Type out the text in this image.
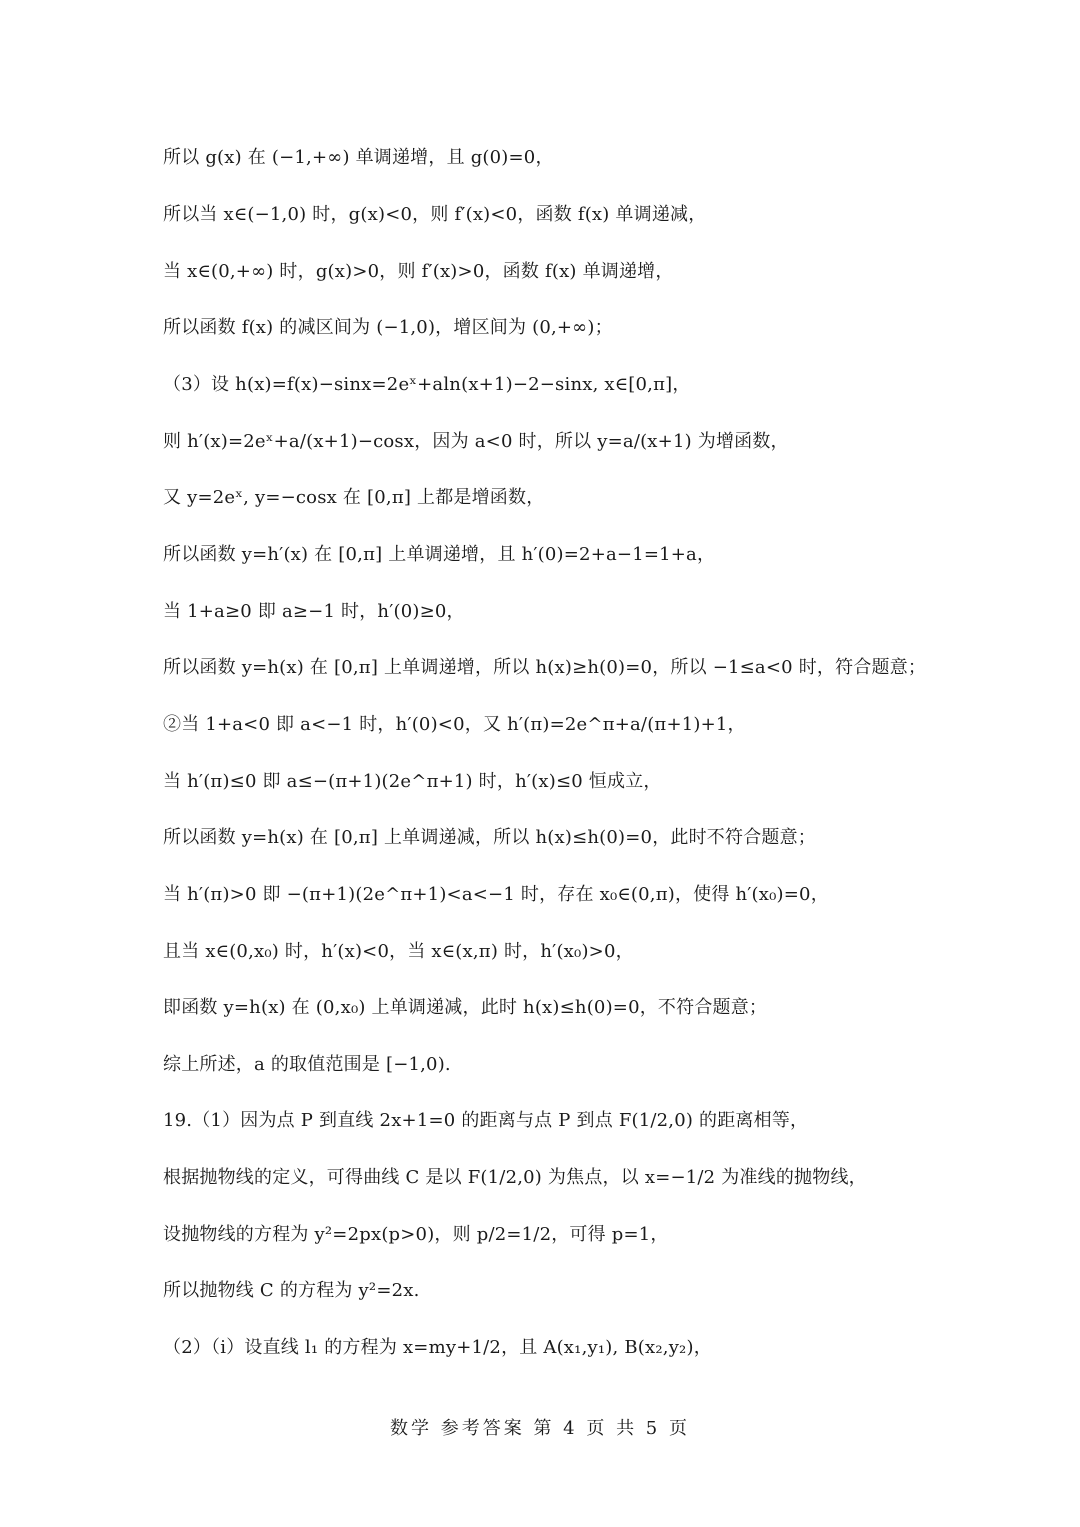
所以 g(x) 在 (−1,+∞) 单调递增，且 g(0)=0，
所以当 x∈(−1,0) 时，g(x)<0，则 f′(x)<0，函数 f(x) 单调递减，
当 x∈(0,+∞) 时，g(x)>0，则 f′(x)>0，函数 f(x) 单调递增，
所以函数 f(x) 的减区间为 (−1,0)，增区间为 (0,+∞)；
（3）设 h(x)=f(x)−sinx=2eˣ+aln(x+1)−2−sinx, x∈[0,π]，
则 h′(x)=2eˣ+a/(x+1)−cosx，因为 a<0 时，所以 y=a/(x+1) 为增函数，
又 y=2eˣ, y=−cosx 在 [0,π] 上都是增函数，
所以函数 y=h′(x) 在 [0,π] 上单调递增，且 h′(0)=2+a−1=1+a，
当 1+a≥0 即 a≥−1 时，h′(0)≥0，
所以函数 y=h(x) 在 [0,π] 上单调递增，所以 h(x)≥h(0)=0，所以 −1≤a<0 时，符合题意；
②当 1+a<0 即 a<−1 时，h′(0)<0，又 h′(π)=2e^π+a/(π+1)+1，
当 h′(π)≤0 即 a≤−(π+1)(2e^π+1) 时，h′(x)≤0 恒成立，
所以函数 y=h(x) 在 [0,π] 上单调递减，所以 h(x)≤h(0)=0，此时不符合题意；
当 h′(π)>0 即 −(π+1)(2e^π+1)<a<−1 时，存在 x₀∈(0,π)，使得 h′(x₀)=0，
且当 x∈(0,x₀) 时，h′(x)<0，当 x∈(x,π) 时，h′(x₀)>0，
即函数 y=h(x) 在 (0,x₀) 上单调递减，此时 h(x)≤h(0)=0，不符合题意；
综上所述，a 的取值范围是 [−1,0).
19.（1）因为点 P 到直线 2x+1=0 的距离与点 P 到点 F(1/2,0) 的距离相等，
根据抛物线的定义，可得曲线 C 是以 F(1/2,0) 为焦点，以 x=−1/2 为准线的抛物线，
设抛物线的方程为 y²=2px(p>0)，则 p/2=1/2，可得 p=1，
所以抛物线 C 的方程为 y²=2x.
（2）（i）设直线 l₁ 的方程为 x=my+1/2，且 A(x₁,y₁), B(x₂,y₂)，
数学 参考答案 第 4 页 共 5 页
